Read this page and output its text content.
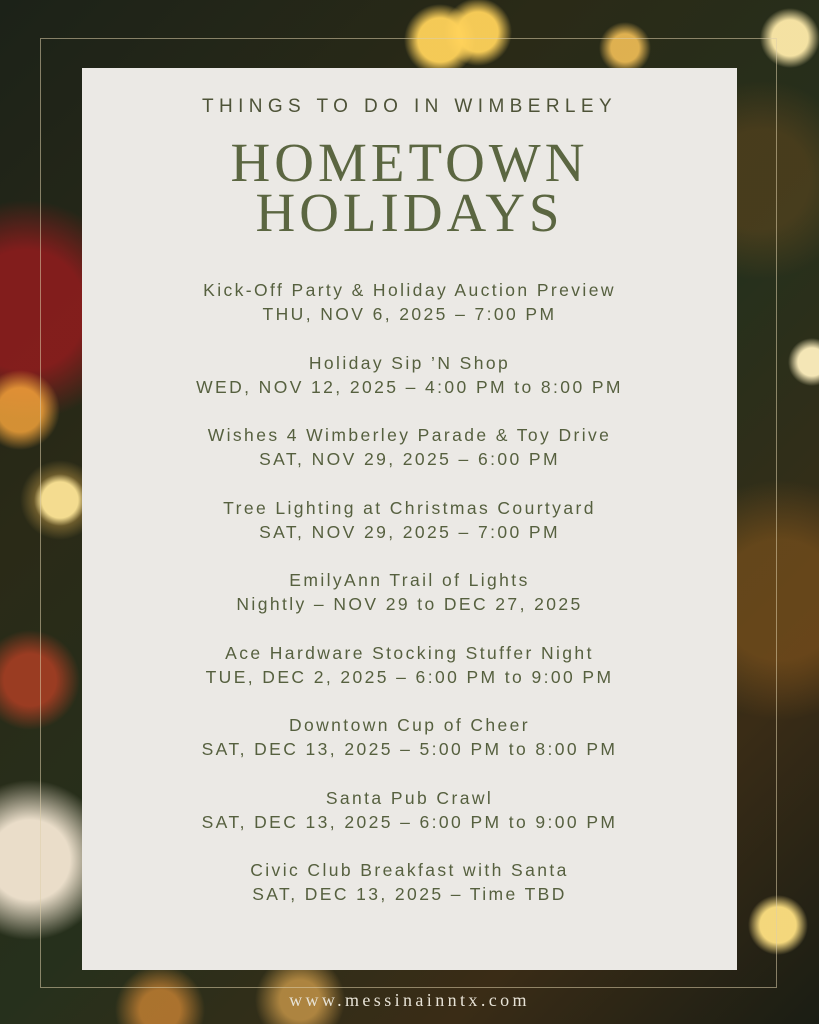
THINGS TO DO IN WIMBERLEY
HOMETOWN
HOLIDAYS
Kick-Off Party & Holiday Auction Preview
THU, NOV 6, 2025 – 7:00 PM
Holiday Sip ’N Shop
WED, NOV 12, 2025 – 4:00 PM to 8:00 PM
Wishes 4 Wimberley Parade & Toy Drive
SAT, NOV 29, 2025 – 6:00 PM
Tree Lighting at Christmas Courtyard
SAT, NOV 29, 2025 – 7:00 PM
EmilyAnn Trail of Lights
Nightly – NOV 29 to DEC 27, 2025
Ace Hardware Stocking Stuffer Night
TUE, DEC 2, 2025 – 6:00 PM to 9:00 PM
Downtown Cup of Cheer
SAT, DEC 13, 2025 – 5:00 PM to 8:00 PM
Santa Pub Crawl
SAT, DEC 13, 2025 – 6:00 PM to 9:00 PM
Civic Club Breakfast with Santa
SAT, DEC 13, 2025 – Time TBD
www.messinainntx.com
